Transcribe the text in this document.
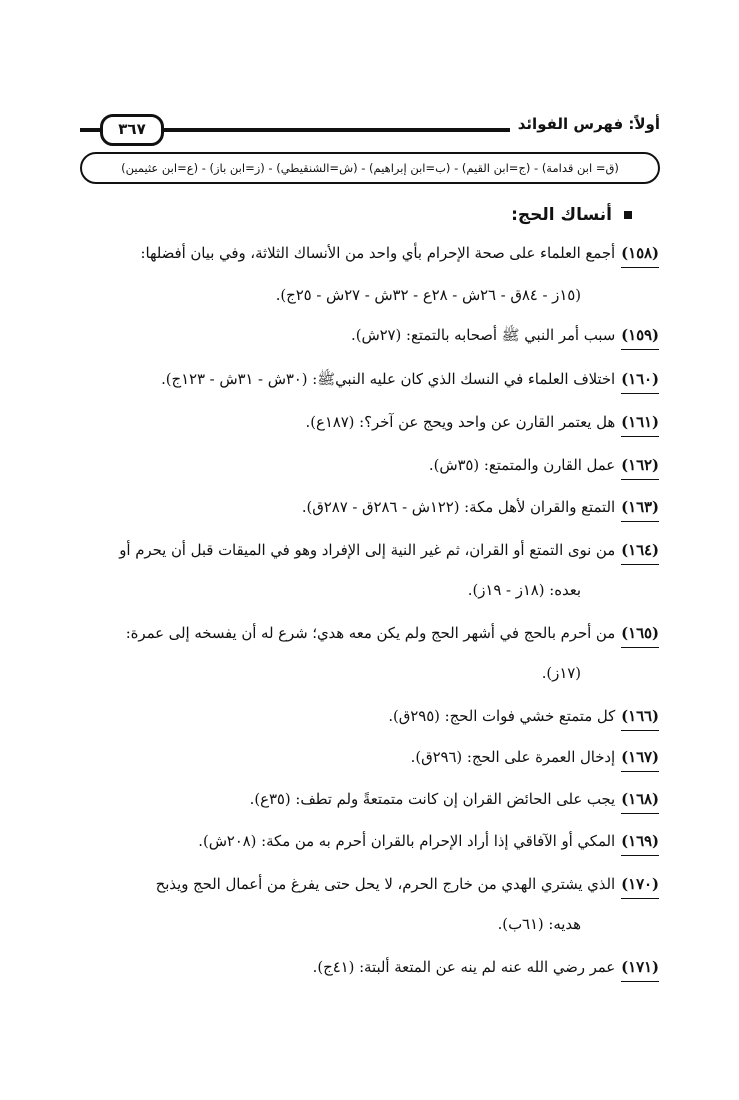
أولاً: فهرس الفوائد
٣٦٧
(ق= ابن قدامة) - (ج=ابن القيم) - (ب=ابن إبراهيم) - (ش=الشنقيطي) - (ز=ابن باز) - (ع=ابن عثيمين)
أنساك الحج:
(١٥٨)أجمع العلماء على صحة الإحرام بأي واحد من الأنساك الثلاثة، وفي بيان أفضلها:
(١٥ز - ٨٤ق - ٢٦ش - ٢٨ع - ٣٢ش - ٢٧ش - ٢٥ج).
(١٥٩)سبب أمر النبي ﷺ أصحابه بالتمتع: (٢٧ش).
(١٦٠)اختلاف العلماء في النسك الذي كان عليه النبيﷺ: (٣٠ش - ٣١ش - ١٢٣ج).
(١٦١)هل يعتمر القارن عن واحد ويحج عن آخر؟: (١٨٧ع).
(١٦٢)عمل القارن والمتمتع: (٣٥ش).
(١٦٣)التمتع والقران لأهل مكة: (١٢٢ش - ٢٨٦ق - ٢٨٧ق).
(١٦٤)من نوى التمتع أو القران، ثم غير النية إلى الإفراد وهو في الميقات قبل أن يحرم أو
بعده: (١٨ز - ١٩ز).
(١٦٥)من أحرم بالحج في أشهر الحج ولم يكن معه هدي؛ شرع له أن يفسخه إلى عمرة:
(١٧ز).
(١٦٦)كل متمتع خشي فوات الحج: (٢٩٥ق).
(١٦٧)إدخال العمرة على الحج: (٢٩٦ق).
(١٦٨)يجب على الحائض القران إن كانت متمتعةً ولم تطف: (٣٥ع).
(١٦٩)المكي أو الآفاقي إذا أراد الإحرام بالقران أحرم به من مكة: (٢٠٨ش).
(١٧٠)الذي يشتري الهدي من خارج الحرم، لا يحل حتى يفرغ من أعمال الحج ويذبح
هديه: (٦١ب).
(١٧١)عمر رضي الله عنه لم ينه عن المتعة ألبتة: (٤١ج).
